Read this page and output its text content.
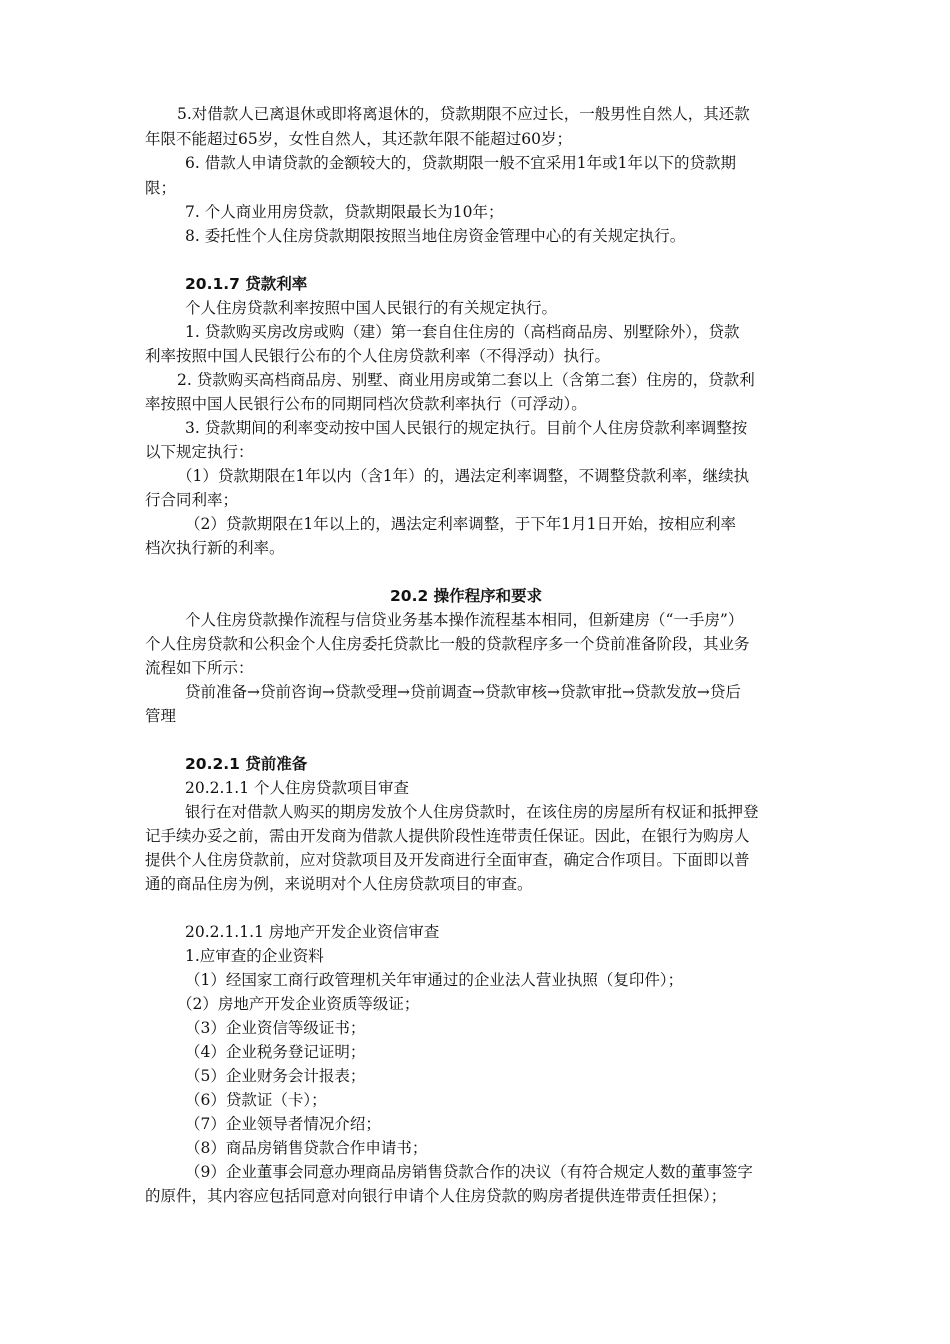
5.对借款人已离退休或即将离退休的，贷款期限不应过长，一般男性自然人，其还款
年限不能超过65岁，女性自然人，其还款年限不能超过60岁；
6. 借款人申请贷款的金额较大的，贷款期限一般不宜采用1年或1年以下的贷款期
限；
7. 个人商业用房贷款，贷款期限最长为10年；
8. 委托性个人住房贷款期限按照当地住房资金管理中心的有关规定执行。
20.1.7 贷款利率
个人住房贷款利率按照中国人民银行的有关规定执行。
1. 贷款购买房改房或购（建）第一套自住住房的（高档商品房、别墅除外），贷款
利率按照中国人民银行公布的个人住房贷款利率（不得浮动）执行。
2. 贷款购买高档商品房、别墅、商业用房或第二套以上（含第二套）住房的，贷款利
率按照中国人民银行公布的同期同档次贷款利率执行（可浮动）。
3. 贷款期间的利率变动按中国人民银行的规定执行。目前个人住房贷款利率调整按
以下规定执行：
（1）贷款期限在1年以内（含1年）的，遇法定利率调整，不调整贷款利率，继续执
行合同利率；
（2）贷款期限在1年以上的，遇法定利率调整，于下年1月1日开始，按相应利率
档次执行新的利率。
20.2 操作程序和要求
个人住房贷款操作流程与信贷业务基本操作流程基本相同，但新建房（“一手房”）
个人住房贷款和公积金个人住房委托贷款比一般的贷款程序多一个贷前准备阶段，其业务
流程如下所示：
贷前准备→贷前咨询→贷款受理→贷前调查→贷款审核→贷款审批→贷款发放→贷后
管理
20.2.1 贷前准备
20.2.1.1 个人住房贷款项目审查
银行在对借款人购买的期房发放个人住房贷款时，在该住房的房屋所有权证和抵押登
记手续办妥之前，需由开发商为借款人提供阶段性连带责任保证。因此，在银行为购房人
提供个人住房贷款前，应对贷款项目及开发商进行全面审查，确定合作项目。下面即以普
通的商品住房为例，来说明对个人住房贷款项目的审查。
20.2.1.1.1 房地产开发企业资信审查
1.应审查的企业资料
（1）经国家工商行政管理机关年审通过的企业法人营业执照（复印件）；
（2）房地产开发企业资质等级证；
（3）企业资信等级证书；
（4）企业税务登记证明；
（5）企业财务会计报表；
（6）贷款证（卡）；
（7）企业领导者情况介绍；
（8）商品房销售贷款合作申请书；
（9）企业董事会同意办理商品房销售贷款合作的决议（有符合规定人数的董事签字
的原件，其内容应包括同意对向银行申请个人住房贷款的购房者提供连带责任担保）；
